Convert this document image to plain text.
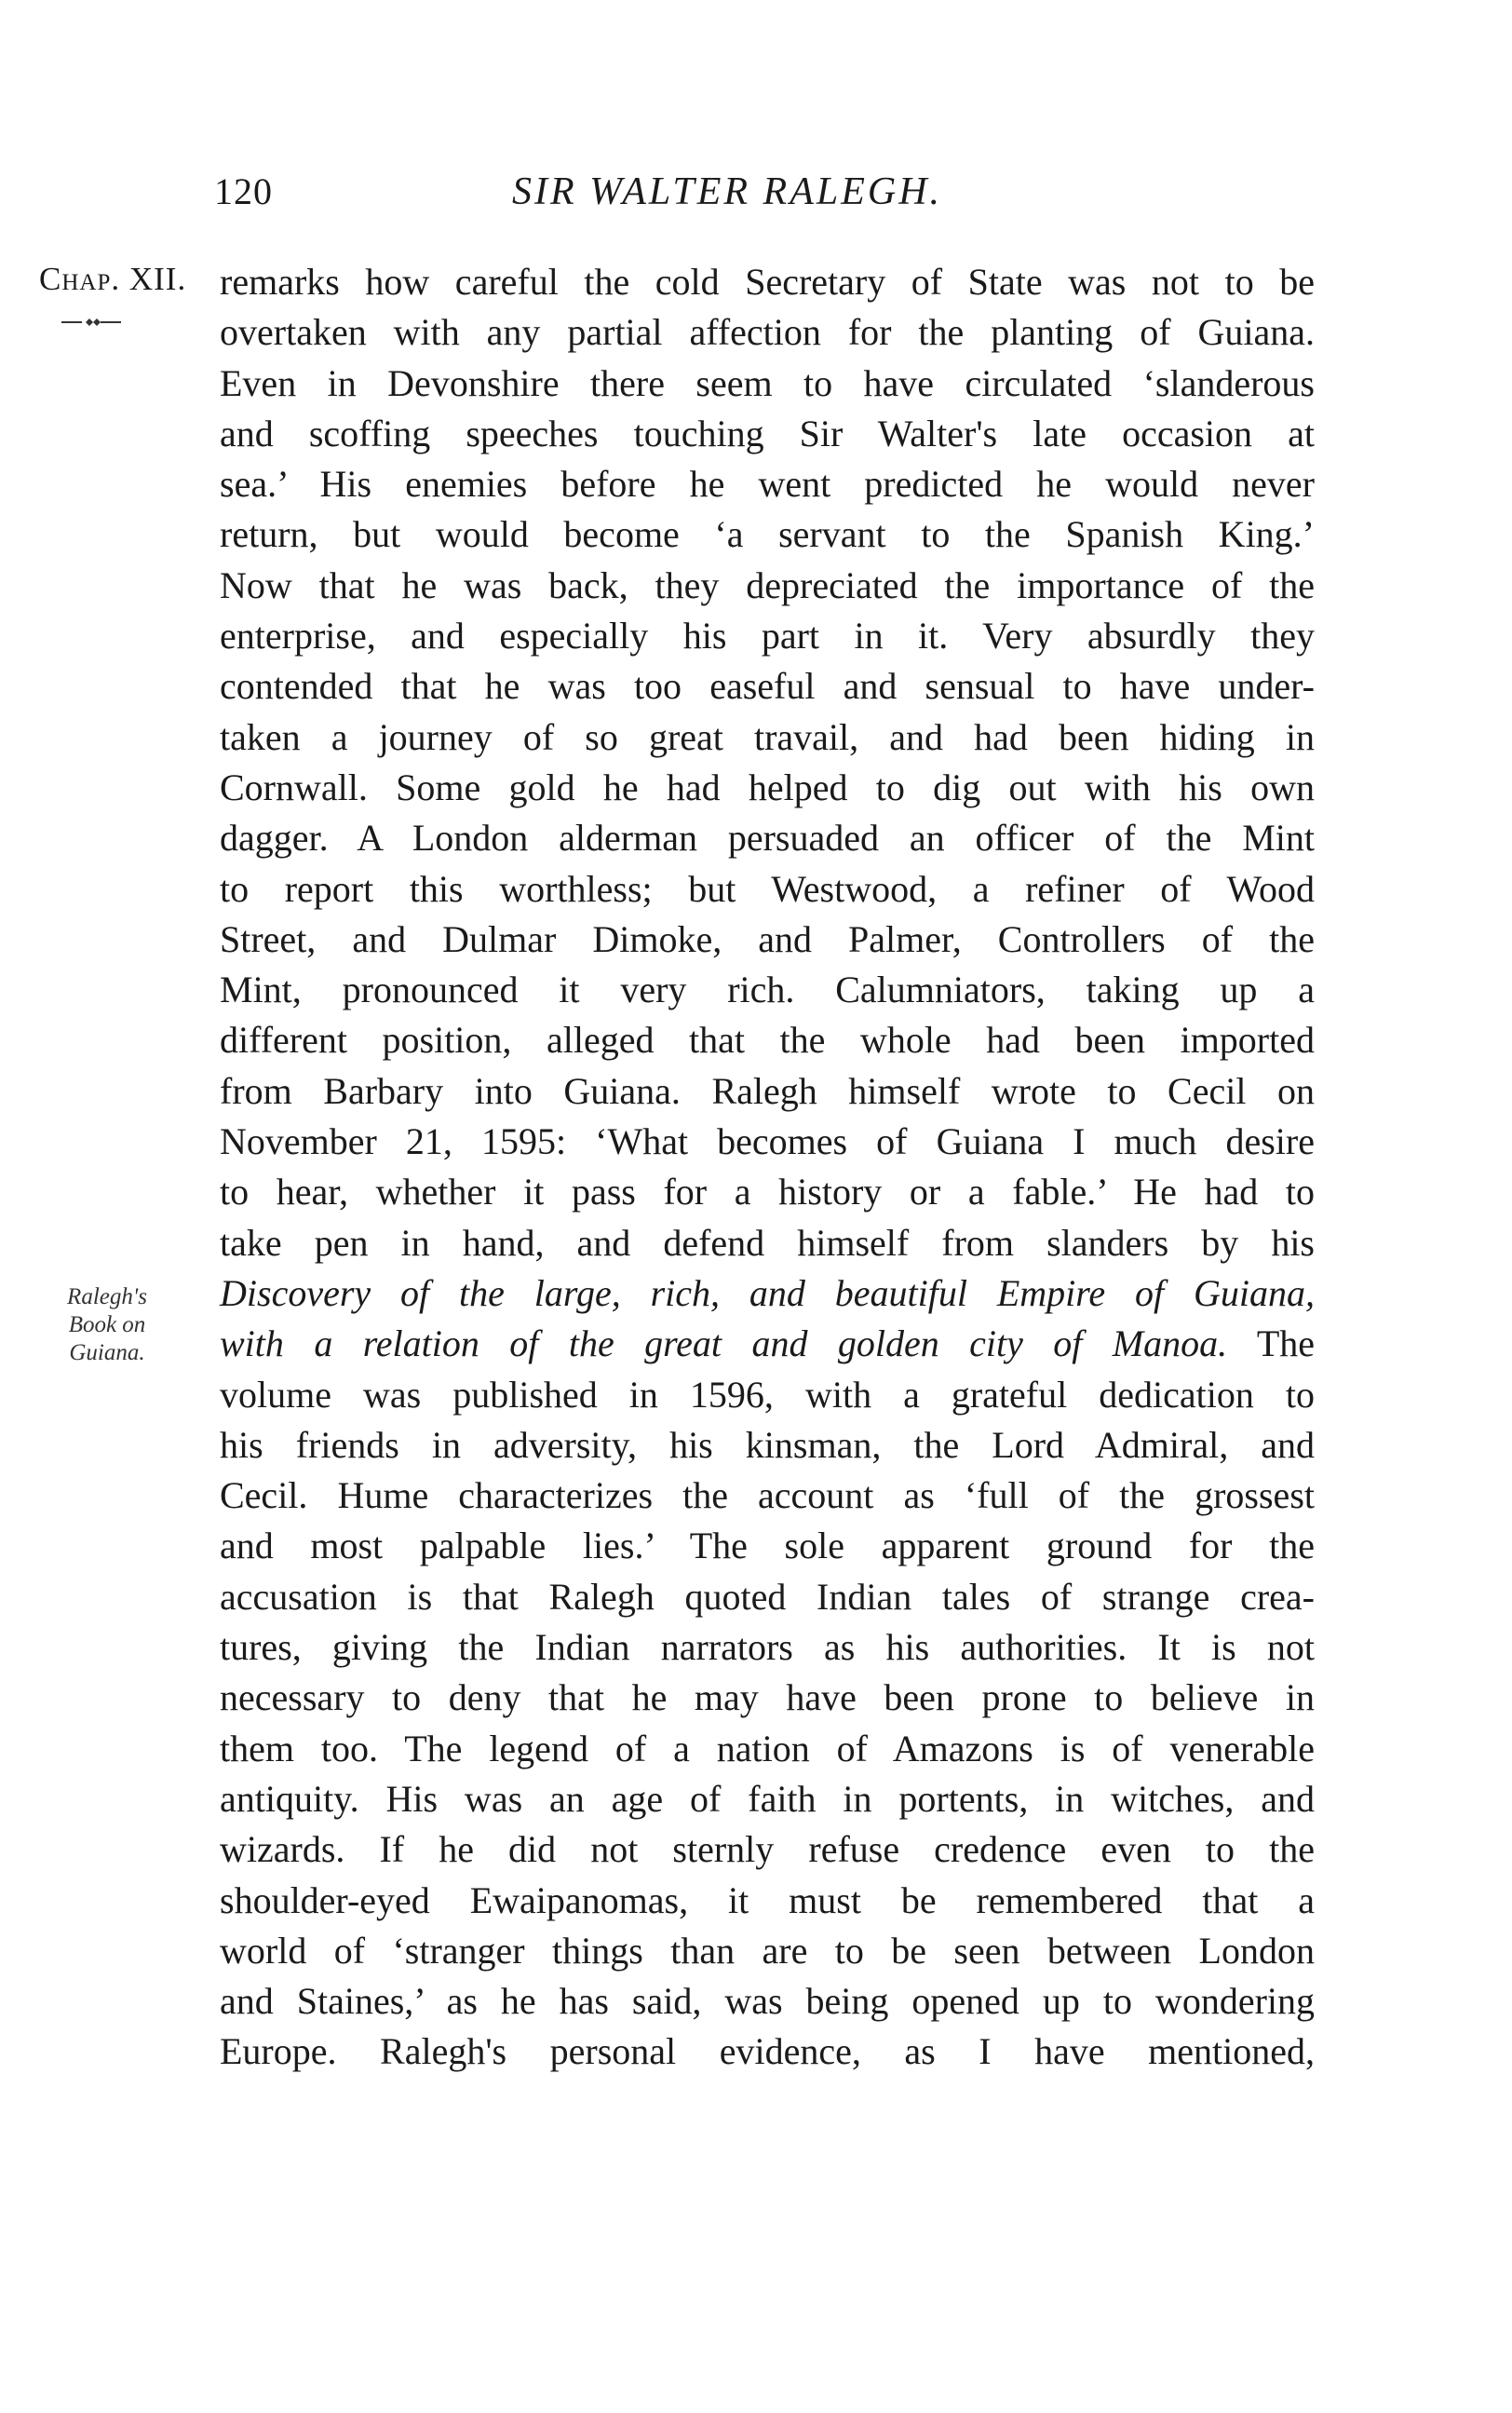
120	SIR WALTER RALEGH.
Chap. XII.
Ralegh's
Book on
Guiana.
remarks how careful the cold Secretary of State was not to be
overtaken with any partial affection for the planting of Guiana.
Even in Devonshire there seem to have circulated ‘slanderous
and scoffing speeches touching Sir Walter's late occasion at
sea.’ His enemies before he went predicted he would never
return, but would become ‘a servant to the Spanish King.’
Now that he was back, they depreciated the importance of the
enterprise, and especially his part in it. Very absurdly they
contended that he was too easeful and sensual to have under-
taken a journey of so great travail, and had been hiding in
Cornwall. Some gold he had helped to dig out with his own
dagger. A London alderman persuaded an officer of the Mint
to report this worthless; but Westwood, a refiner of Wood
Street, and Dulmar Dimoke, and Palmer, Controllers of the
Mint, pronounced it very rich. Calumniators, taking up a
different position, alleged that the whole had been imported
from Barbary into Guiana. Ralegh himself wrote to Cecil on
November 21, 1595: ‘What becomes of Guiana I much desire
to hear, whether it pass for a history or a fable.’ He had to
take pen in hand, and defend himself from slanders by his
Discovery of the large, rich, and beautiful Empire of Guiana,
with a relation of the great and golden city of Manoa. The
volume was published in 1596, with a grateful dedication to
his friends in adversity, his kinsman, the Lord Admiral, and
Cecil. Hume characterizes the account as ‘full of the grossest
and most palpable lies.’ The sole apparent ground for the
accusation is that Ralegh quoted Indian tales of strange crea-
tures, giving the Indian narrators as his authorities. It is not
necessary to deny that he may have been prone to believe in
them too. The legend of a nation of Amazons is of venerable
antiquity. His was an age of faith in portents, in witches, and
wizards. If he did not sternly refuse credence even to the
shoulder-eyed Ewaipanomas, it must be remembered that a
world of ‘stranger things than are to be seen between London
and Staines,’ as he has said, was being opened up to wondering
Europe. Ralegh's personal evidence, as I have mentioned,
